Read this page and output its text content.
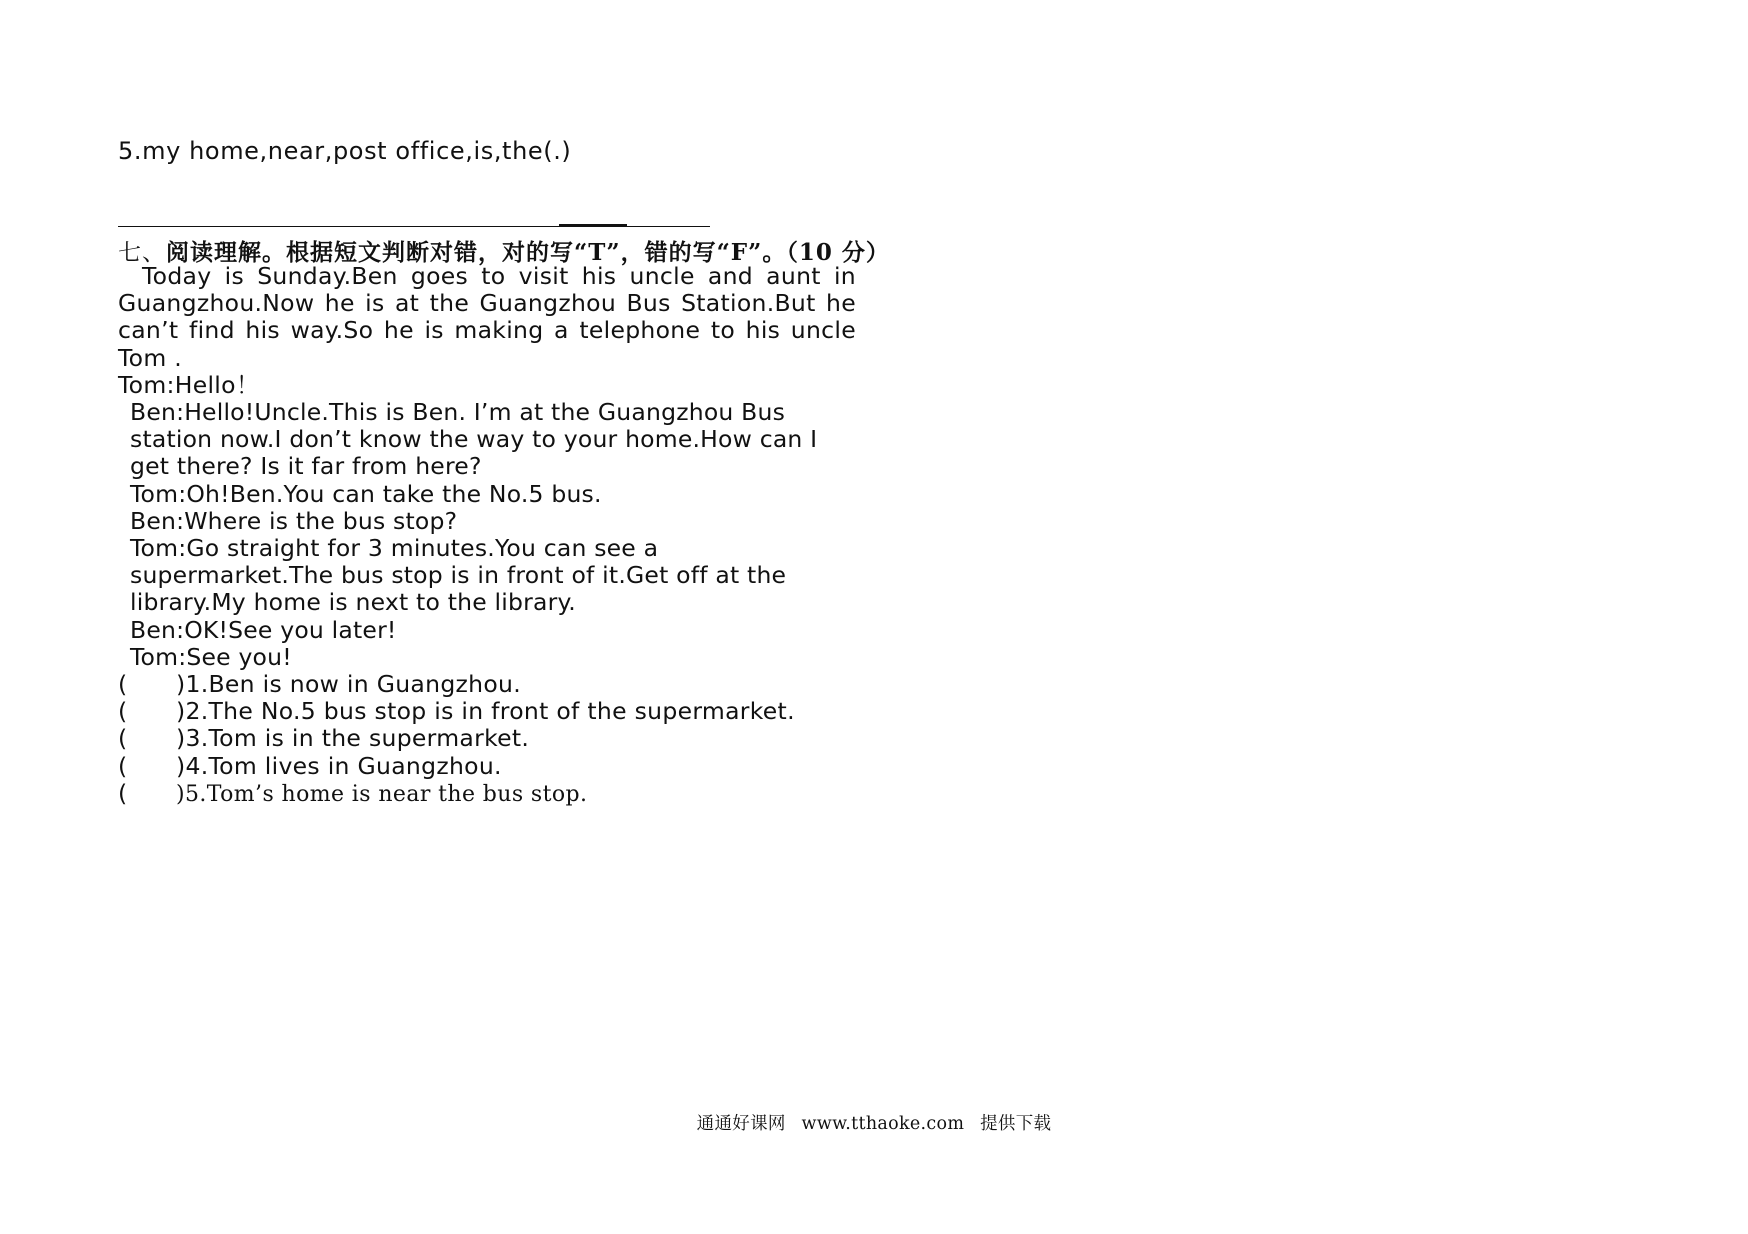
5.my home,near,post office,is,the(.)
七、阅读理解。根据短文判断对错，对的写“T”，错的写“F”。（10 分）
Today is Sunday.Ben goes to visit his uncle and aunt in Guangzhou.Now he is at the Guangzhou Bus Station.But he can’t find his way.So he is making a telephone to his uncle Tom .
Tom:Hello！
Ben:Hello!Uncle.This is Ben. I’m at the Guangzhou Bus station now.I don’t know the way to your home.How can I get there? Is it far from here?
Tom:Oh!Ben.You can take the No.5 bus.
Ben:Where is the bus stop?
Tom:Go straight for 3 minutes.You can see a supermarket.The bus stop is in front of it.Get off at the library.My home is next to the library.
Ben:OK!See you later!
Tom:See you!
( )1.Ben is now in Guangzhou.
( )2.The No.5 bus stop is in front of the supermarket.
( )3.Tom is in the supermarket.
( )4.Tom lives in Guangzhou.
( )5.Tom’s home is near the bus stop.
通通好课网 www.tthaoke.com 提供下载
